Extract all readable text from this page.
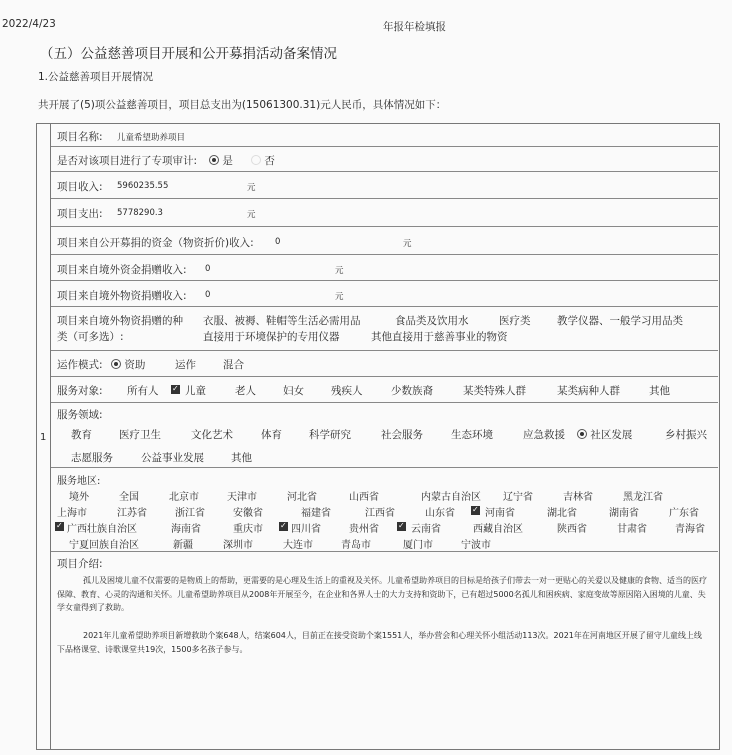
2022/4/23	年报年检填报
（五）公益慈善项目开展和公开募捐活动备案情况
1.公益慈善项目开展情况
共开展了(5)项公益慈善项目，项目总支出为(15061300.31)元人民币，具体情况如下：
1
项目名称: 儿童希望助养项目
是否对该项目进行了专项审计:	是	否
项目收入: 5960235.55	元
项目支出: 5778290.3	元
项目来自公开募捐的资金（物资折价)收入:	0	元
项目来自境外资金捐赠收入: 0	元
项目来自境外物资捐赠收入: 0	元
项目来自境外物资捐赠的种
类（可多选）:
衣服、被褥、鞋帽等生活必需用品	食品类及饮用水	医疗类	教学仪器、一般学习用品类
直接用于环境保护的专用仪器	其他直接用于慈善事业的物资
运作模式:	资助	运作	混合
服务对象: 所有人 ✓	儿童	老人	妇女	残疾人	少数族裔	某类特殊人群	某类病种人群	其他
服务领域:
教育	医疗卫生	文化艺术	体育	科学研究	社会服务	生态环境	应急救援	社区发展	乡村振兴
志愿服务	公益事业发展	其他
服务地区:
境外	全国	北京市	天津市	河北省	山西省	内蒙古自治区 辽宁省	吉林省	黑龙江省
上海市	江苏省	浙江省	安徽省	福建省	江西省	山东省 ✓	河南省	湖北省	湖南省	广东省
✓
广西壮族自治区	海南省	重庆市 ✓	四川省	贵州省 ✓	云南省	西藏自治区	陕西省	甘肃省	青海省
宁夏回族自治区	新疆	深圳市	大连市	青岛市	厦门市	宁波市
项目介绍:
孤儿及困境儿童不仅需要的是物质上的帮助，更需要的是心理及生活上的重视及关怀。儿童希望助养项目的目标是给孩子们带去一对一更贴心的关爱以及健康的食物、适当的医疗保障、教育、心灵的沟通和关怀。儿童希望助养项目从2008年开展至今，在企业和各界人士的大力支持和资助下，已有超过5000名孤儿和困疾病、家庭变故等原因陷入困境的儿童、失学女童得到了救助。
2021年儿童希望助养项目新增救助个案648人，结案604人，目前正在接受资助个案1551人，举办营会和心理关怀小组活动113次。2021年在河南地区开展了留守儿童线上线下品格课堂、诗歌课堂共19次，1500多名孩子参与。
